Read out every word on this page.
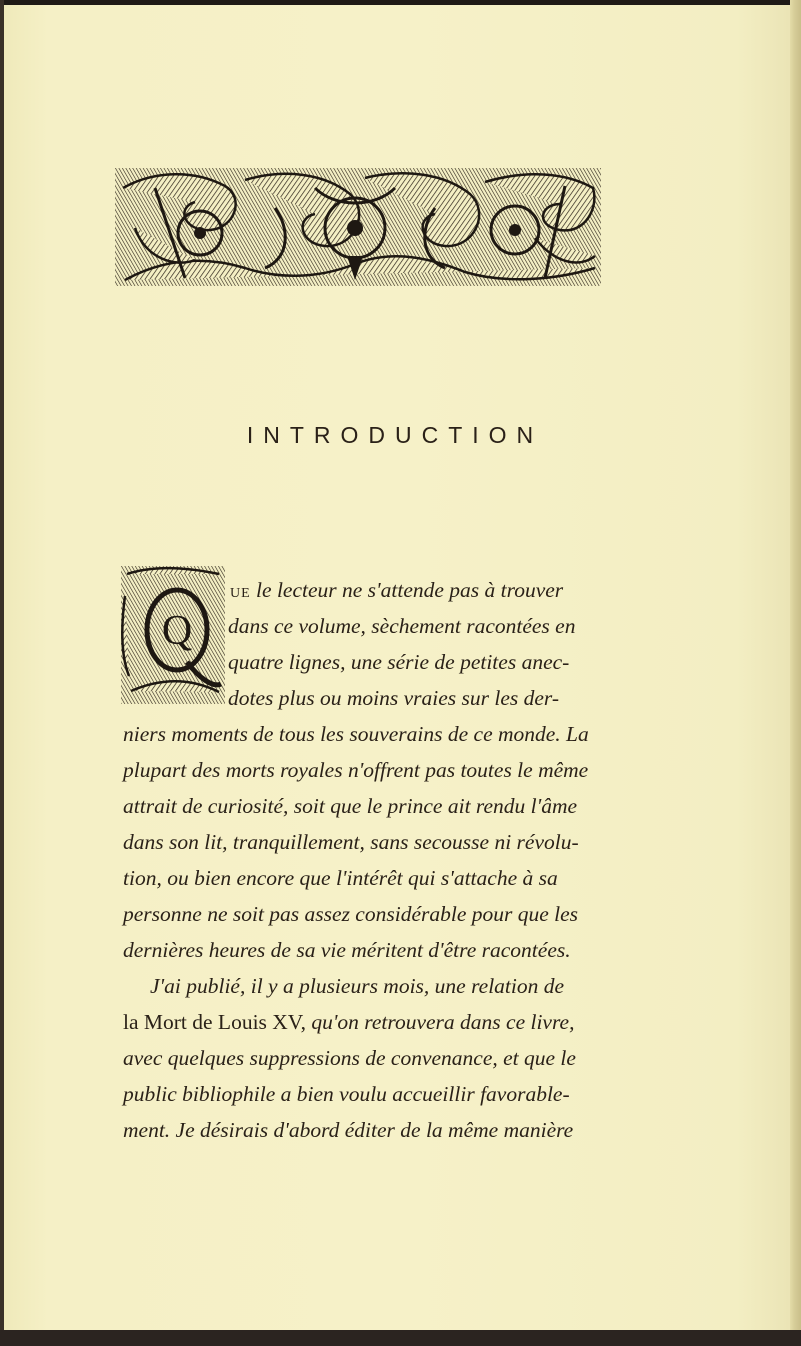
INTRODUCTION
Q
UE le lecteur ne s'attende pas à trouver
dans ce volume, sèchement racontées en
quatre lignes, une série de petites anec-
dotes plus ou moins vraies sur les der-
niers moments de tous les souverains de ce monde. La
plupart des morts royales n'offrent pas toutes le même
attrait de curiosité, soit que le prince ait rendu l'âme
dans son lit, tranquillement, sans secousse ni révolu-
tion, ou bien encore que l'intérêt qui s'attache à sa
personne ne soit pas assez considérable pour que les
dernières heures de sa vie méritent d'être racontées.
J'ai publié, il y a plusieurs mois, une relation de
la Mort de Louis XV, qu'on retrouvera dans ce livre,
avec quelques suppressions de convenance, et que le
public bibliophile a bien voulu accueillir favorable-
ment. Je désirais d'abord éditer de la même manière
